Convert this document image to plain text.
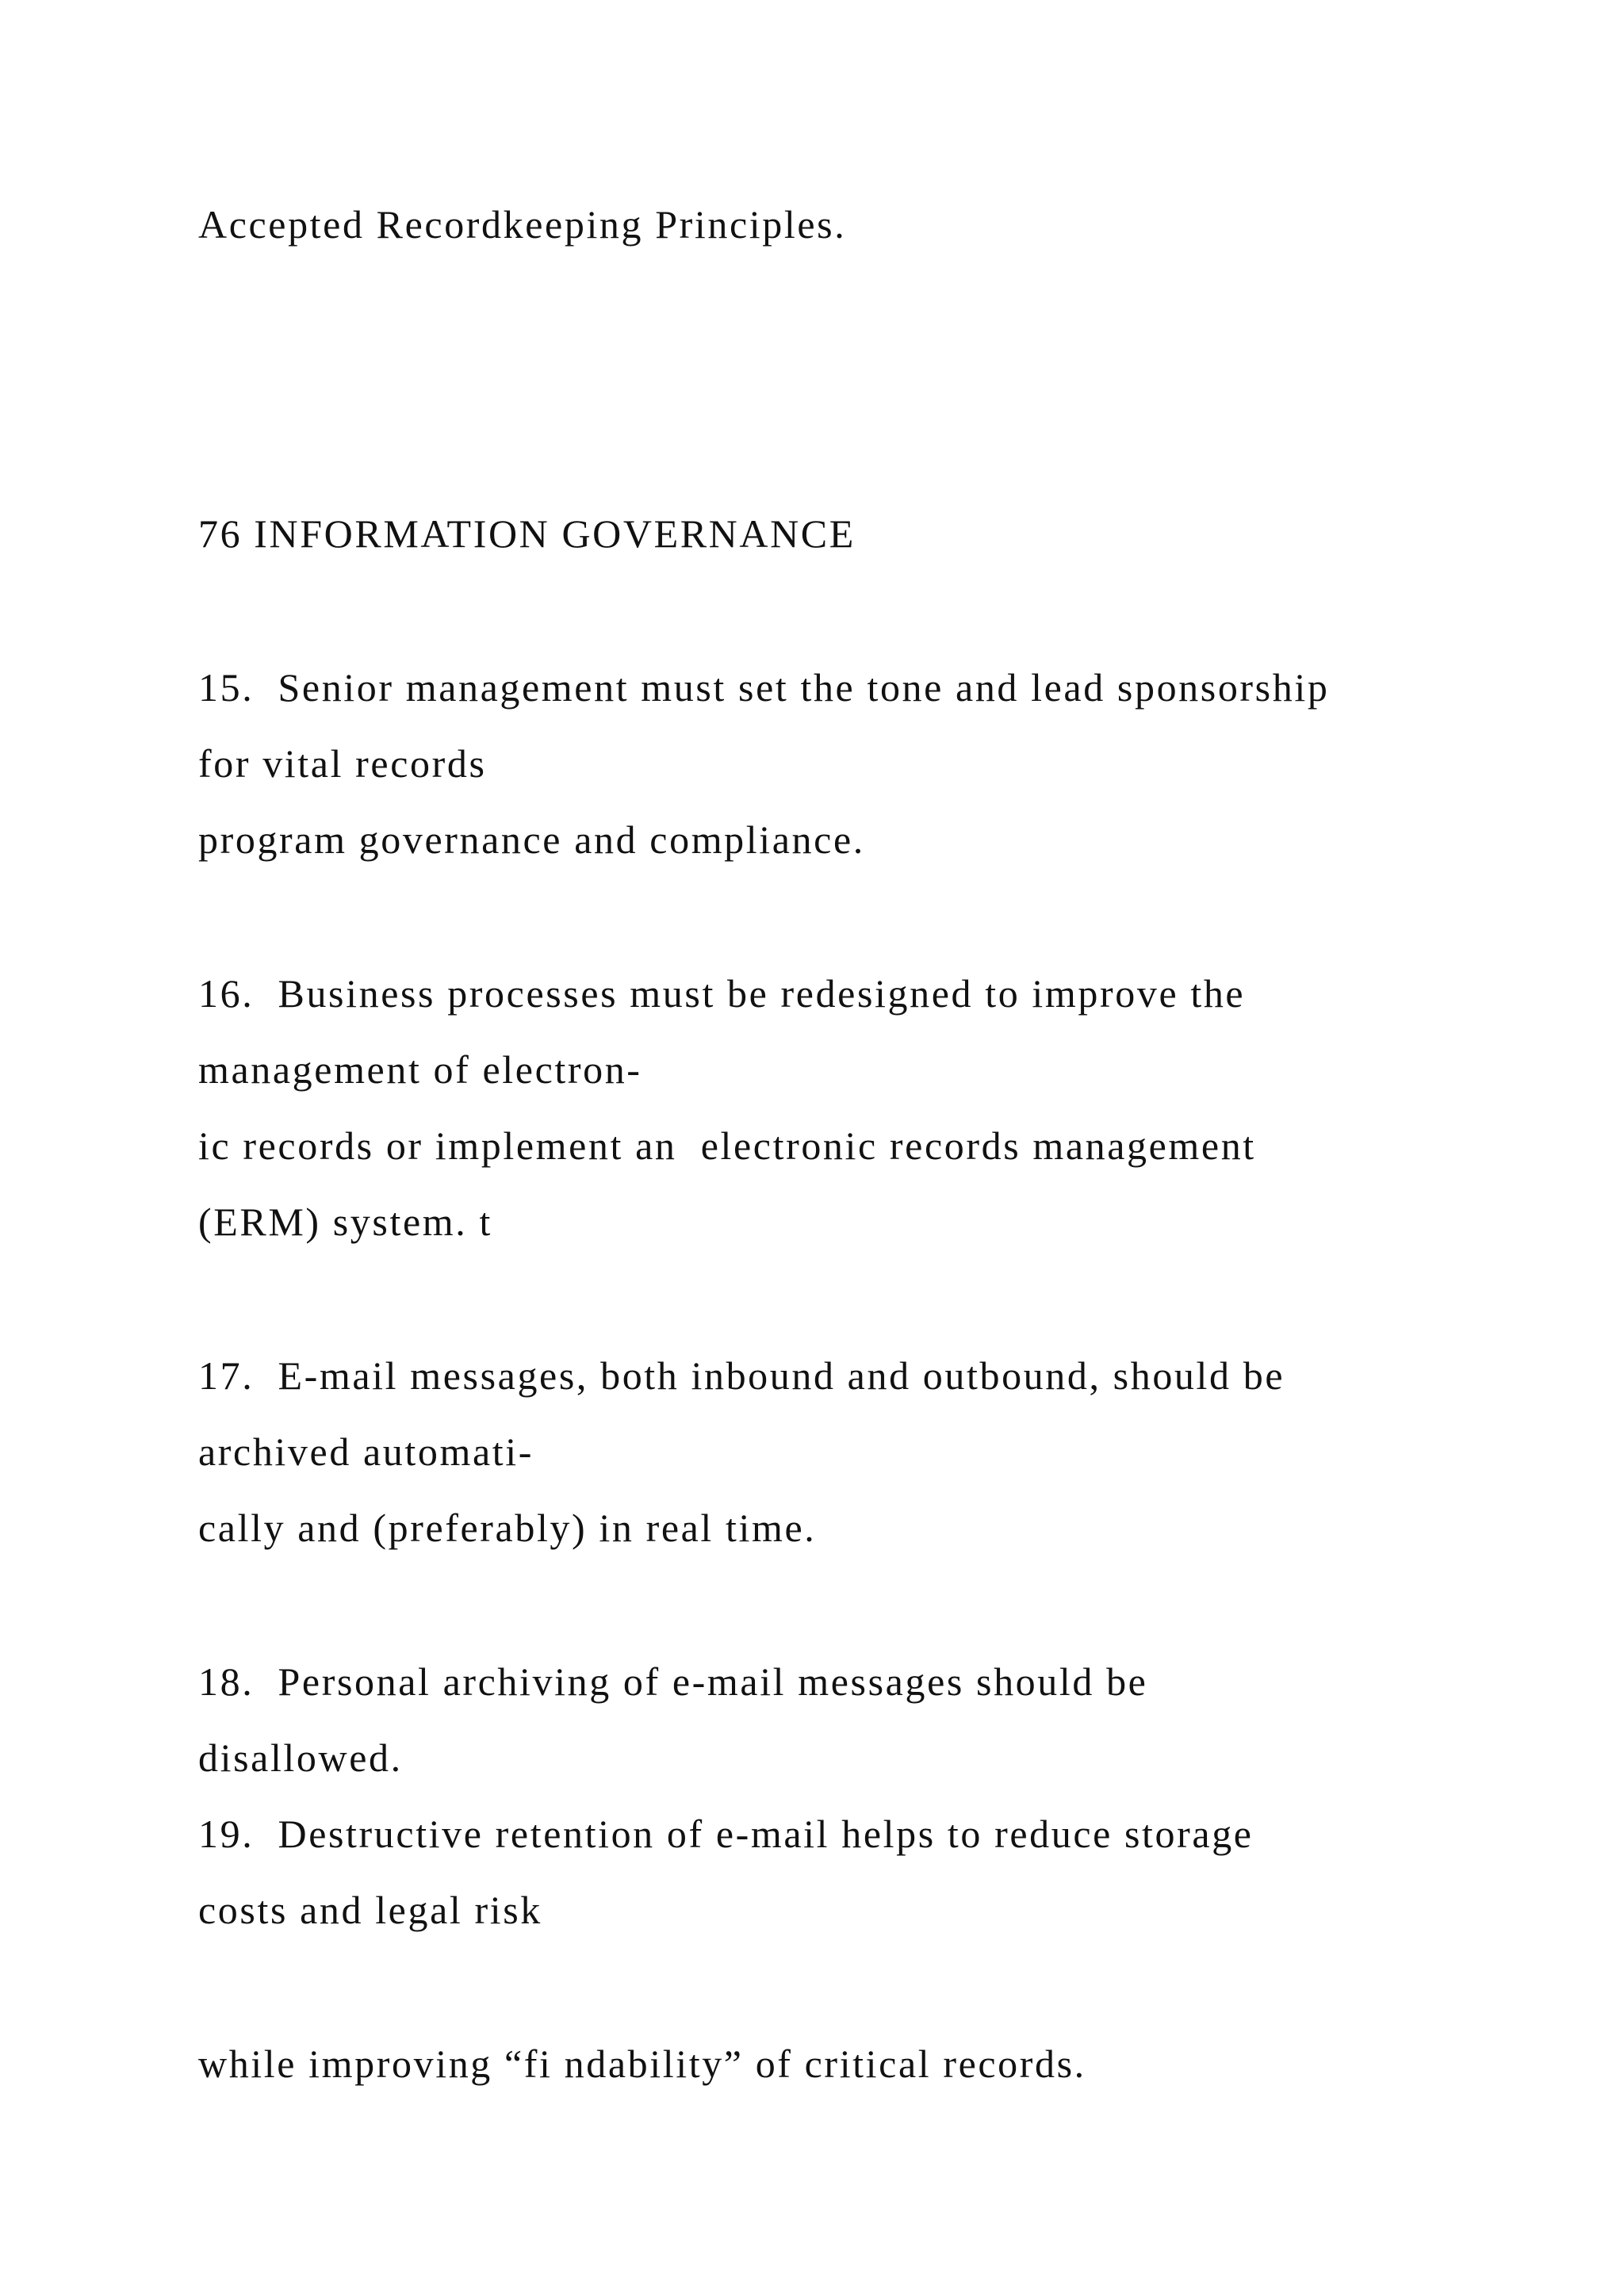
Accepted Recordkeeping Principles.
76 INFORMATION GOVERNANCE
15.  Senior management must set the tone and lead sponsorship
for vital records
program governance and compliance.
16.  Business processes must be redesigned to improve the
management of electron-
ic records or implement an  electronic records management
(ERM) system. t
17.  E-mail messages, both inbound and outbound, should be
archived automati-
cally and (preferably) in real time.
18.  Personal archiving of e-mail messages should be
disallowed.
19.  Destructive retention of e-mail helps to reduce storage
costs and legal risk
while improving “fi ndability” of critical records.
